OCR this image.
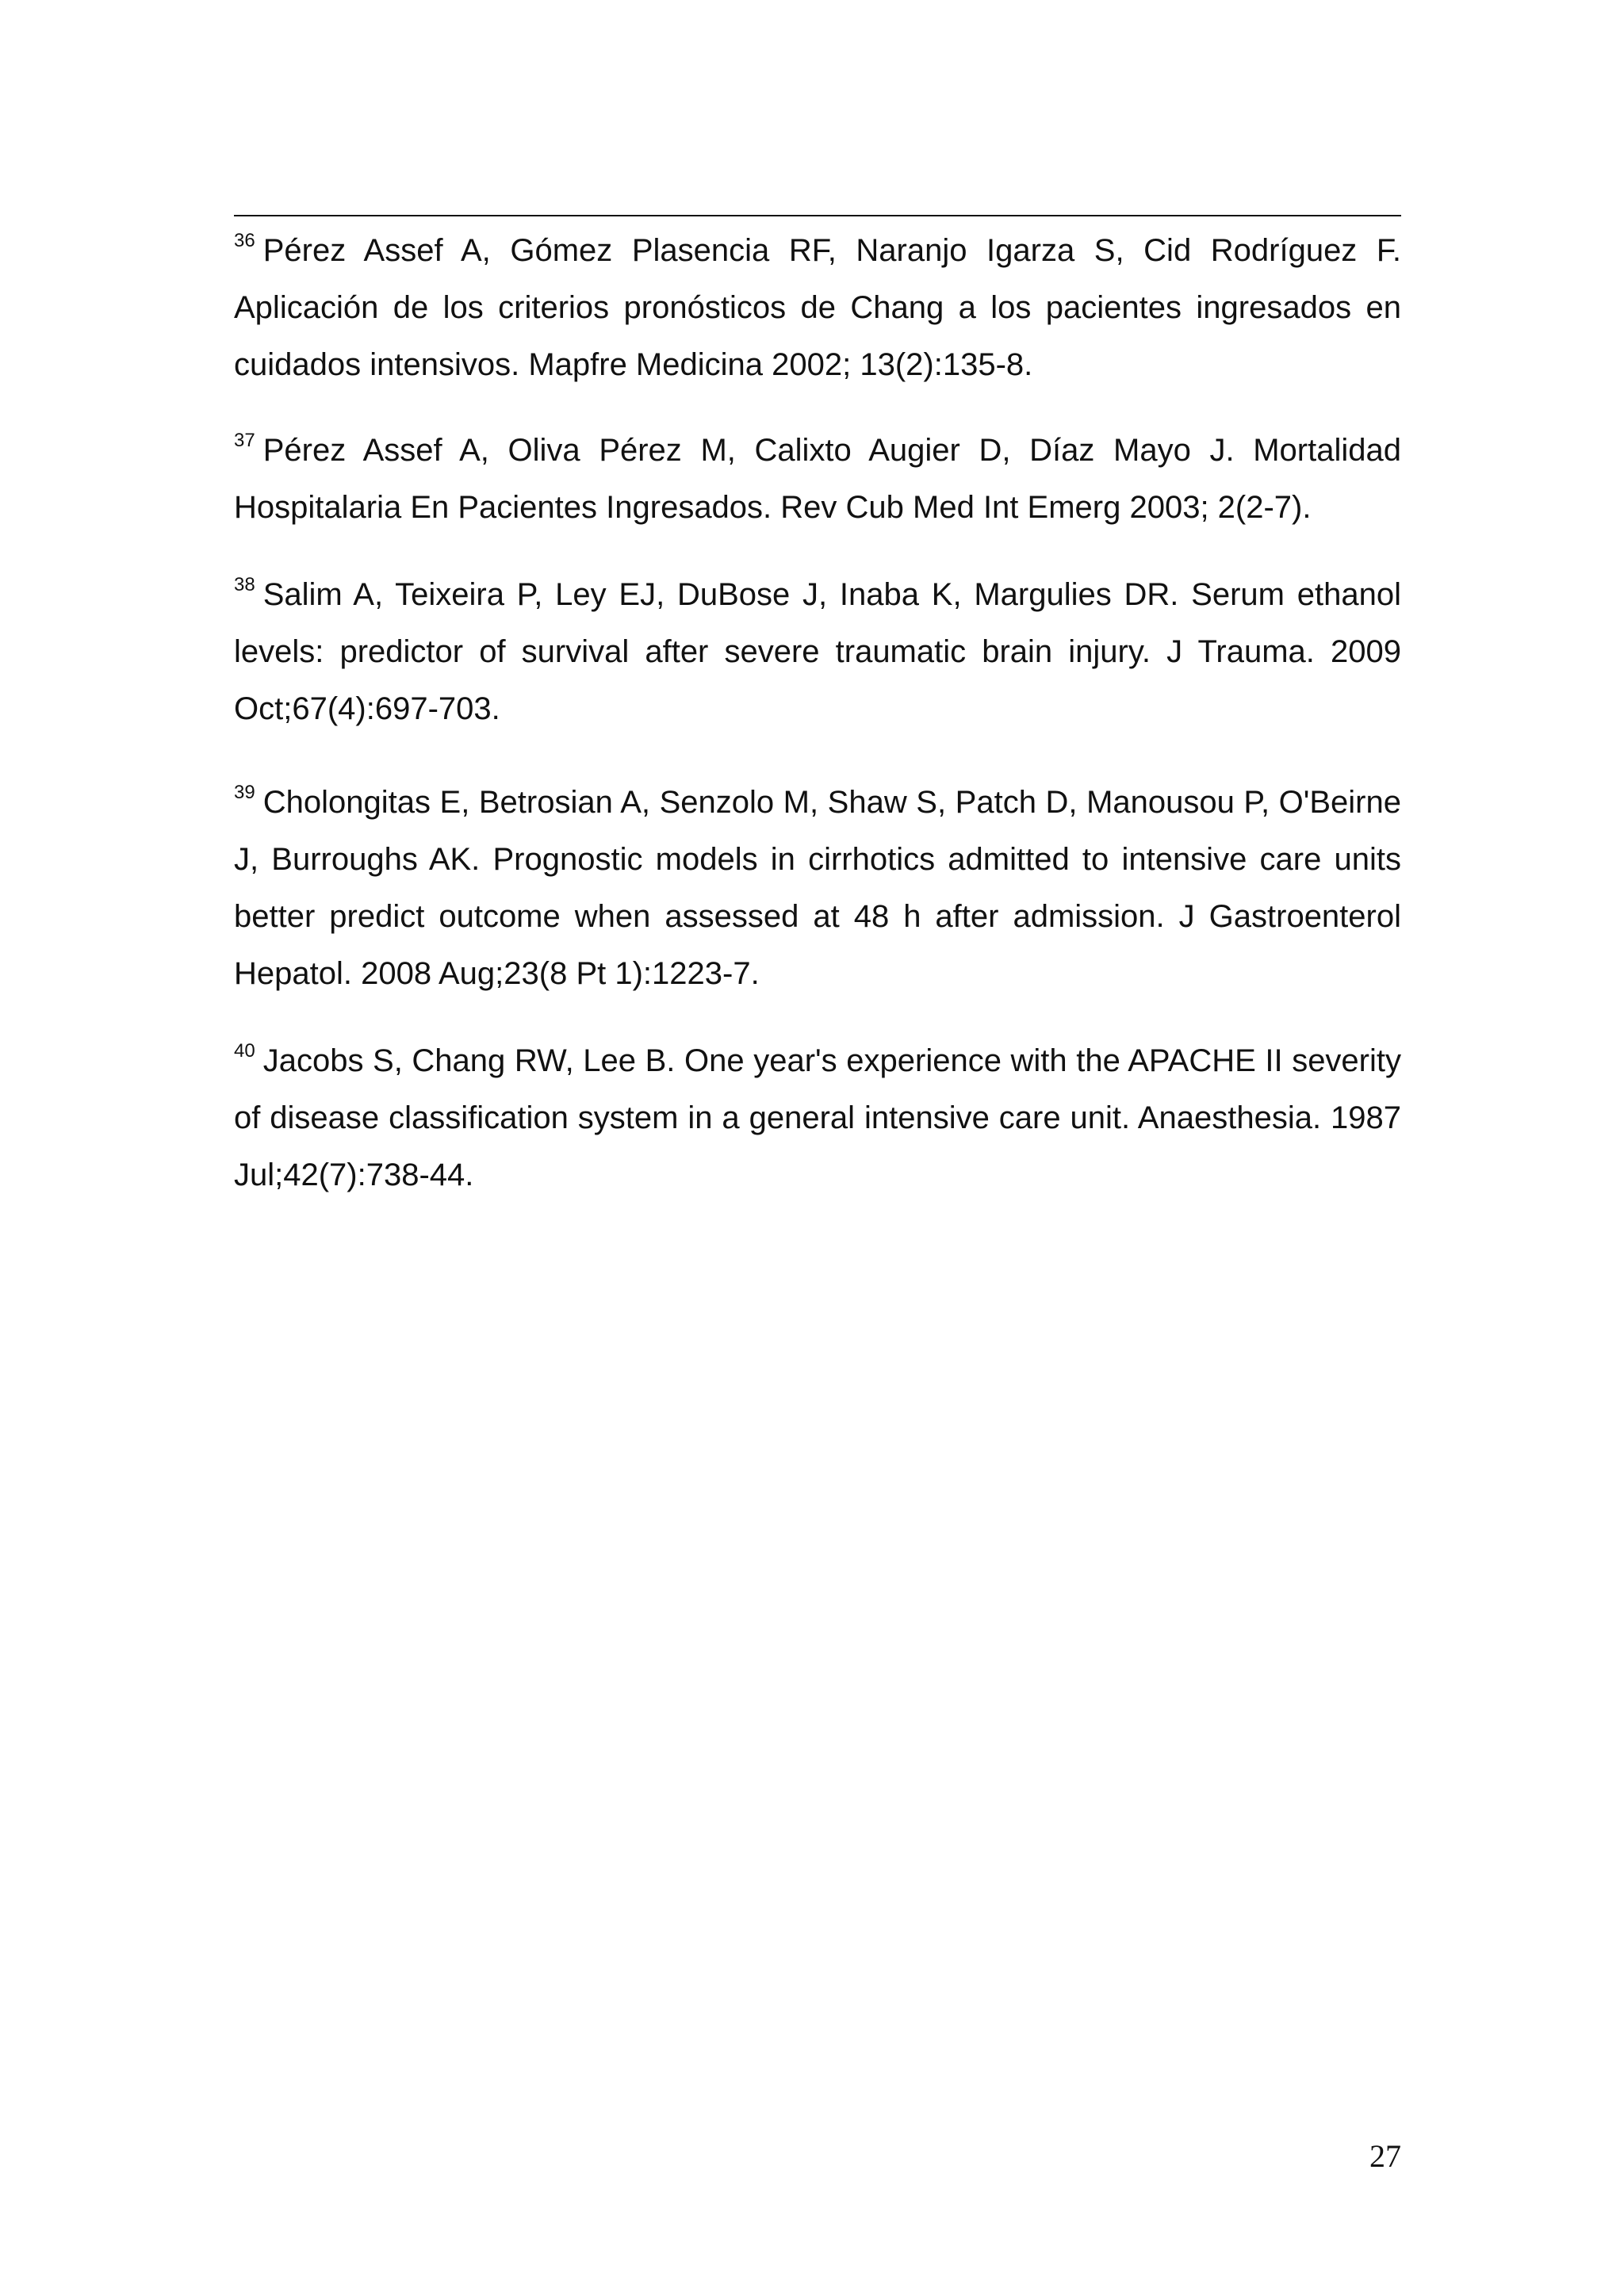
$^{36}$ Pérez Assef A, Gómez Plasencia RF, Naranjo Igarza S, Cid Rodríguez F. Aplicación de los criterios pronósticos de Chang a los pacientes ingresados en cuidados intensivos. Mapfre Medicina 2002; 13(2):135-8.

$^{37}$ Pérez Assef A, Oliva Pérez M, Calixto Augier D, Díaz Mayo J. Mortalidad Hospitalaria En Pacientes Ingresados. Rev Cub Med Int Emerg 2003; 2(2-7).

$^{38}$ Salim A, Teixeira P, Ley EJ, DuBose J, Inaba K, Margulies DR. Serum ethanol levels: predictor of survival after severe traumatic brain injury. J Trauma. 2009 Oct;67(4):697-703.

$^{39}$ Cholongitas E, Betrosian A, Senzolo M, Shaw S, Patch D, Manousou P, O'Beirne J, Burroughs AK. Prognostic models in cirrhotics admitted to intensive care units better predict outcome when assessed at 48 h after admission. J Gastroenterol Hepatol. 2008 Aug;23(8 Pt 1):1223-7.

$^{40}$ Jacobs S, Chang RW, Lee B. One year's experience with the APACHE II severity of disease classification system in a general intensive care unit. Anaesthesia. 1987 Jul;42(7):738-44.

27
